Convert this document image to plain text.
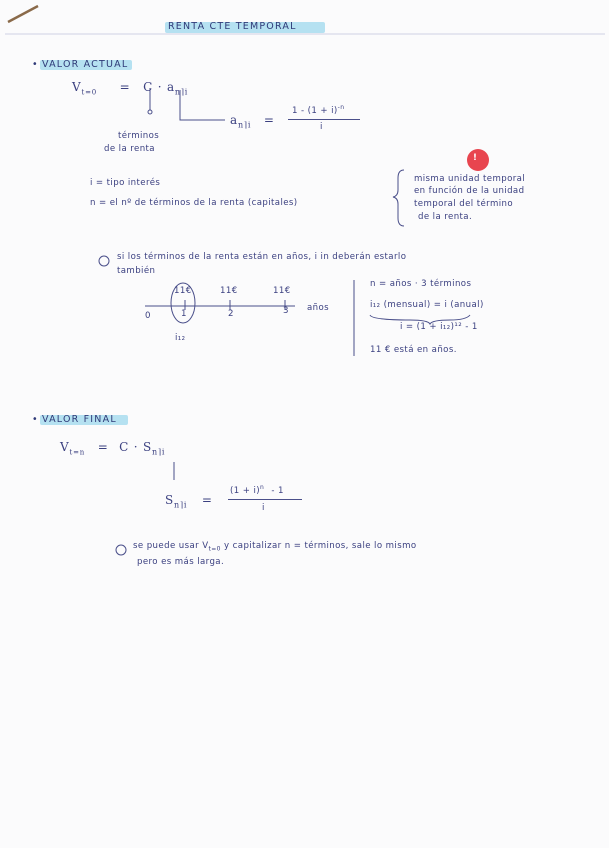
RENTA CTE TEMPORAL
• VALOR ACTUAL
$V_{t=0} = C \cdot a_{n⌉i}$
términos
de la renta
$a_{n⌉i}$ =
$1 - (1 + i)^{-n}$
i
i = tipo interés
n = el nº de términos de la renta (capitales)
!
misma unidad temporal
en función de la unidad
temporal del término
de la renta.
si los términos de la renta están en años, i in deberán estarlo
también
11€	11€	11€
0	1	2	3 años
i₁₂
n = años · 3 términos
i₁₂ (mensual) = i (anual)
i = (1 + i₁₂)¹² - 1
11 € está en años.
• VALOR FINAL
$V_{t=n} = C \cdot S_{n⌉i}$
$S_{n⌉i}$ =
$(1 + i)^n - 1$
i
se puede usar $V_{t=0}$ y capitalizar n = términos, sale lo mismo
pero es más larga.
